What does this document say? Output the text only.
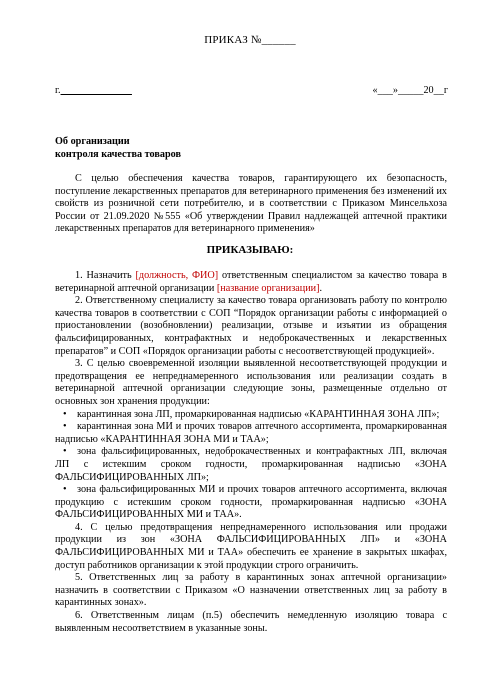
ПРИКАЗ №______
г.______________	«___»_____20__г
Об организации
контроля качества товаров
С целью обеспечения качества товаров, гарантирующего их безопасность, поступление лекарственных препаратов для ветеринарного применения без изменений их свойств из розничной сети потребителю, и в соответствии с Приказом Минсельхоза России от 21.09.2020 №555 «Об утверждении Правил надлежащей аптечной практики лекарственных препаратов для ветеринарного применения»
ПРИКАЗЫВАЮ:

1. Назначить [должность, ФИО] ответственным специалистом за качество товара в ветеринарной аптечной организации [название организации].

2. Ответственному специалисту за качество товара организовать работу по контролю качества товаров в соответствии с СОП “Порядок организации работы с информацией о приостановлении (возобновлении) реализации, отзыве и изъятии из обращения фальсифицированных, контрафактных и недоброкачественных и лекарственных препаратов” и СОП «Порядок организации работы с несоответствующей продукцией».

3. С целью своевременной изоляции выявленной несоответствующей продукции и предотвращения ее непреднамеренного использования или реализации создать в ветеринарной аптечной организации следующие зоны, размещенные отдельно от основных зон хранения продукции:

• карантинная зона ЛП, промаркированная надписью «КАРАНТИННАЯ ЗОНА ЛП»;

• карантинная зона МИ и прочих товаров аптечного ассортимента, промаркированная надписью «КАРАНТИННАЯ ЗОНА МИ и ТАА»;

• зона фальсифицированных, недоброкачественных и контрафактных ЛП, включая ЛП с истекшим сроком годности, промаркированная надписью «ЗОНА ФАЛЬСИФИЦИРОВАННЫХ ЛП»;

• зона фальсифицированных МИ и прочих товаров аптечного ассортимента, включая продукцию с истекшим сроком годности, промаркированная надписью «ЗОНА ФАЛЬСИФИЦИРОВАННЫХ МИ и ТАА».

4. С целью предотвращения непреднамеренного использования или продажи продукции из зон «ЗОНА ФАЛЬСИФИЦИРОВАННЫХ ЛП» и «ЗОНА ФАЛЬСИФИЦИРОВАННЫХ МИ и ТАА» обеспечить ее хранение в закрытых шкафах, доступ работников организации к этой продукции строго ограничить.

5. Ответственных лиц за работу в карантинных зонах аптечной организации» назначить в соответствии с Приказом «О назначении ответственных лиц за работу в карантинных зонах».

6. Ответственным лицам (п.5) обеспечить немедленную изоляцию товара с выявленным несоответствием в указанные зоны.
